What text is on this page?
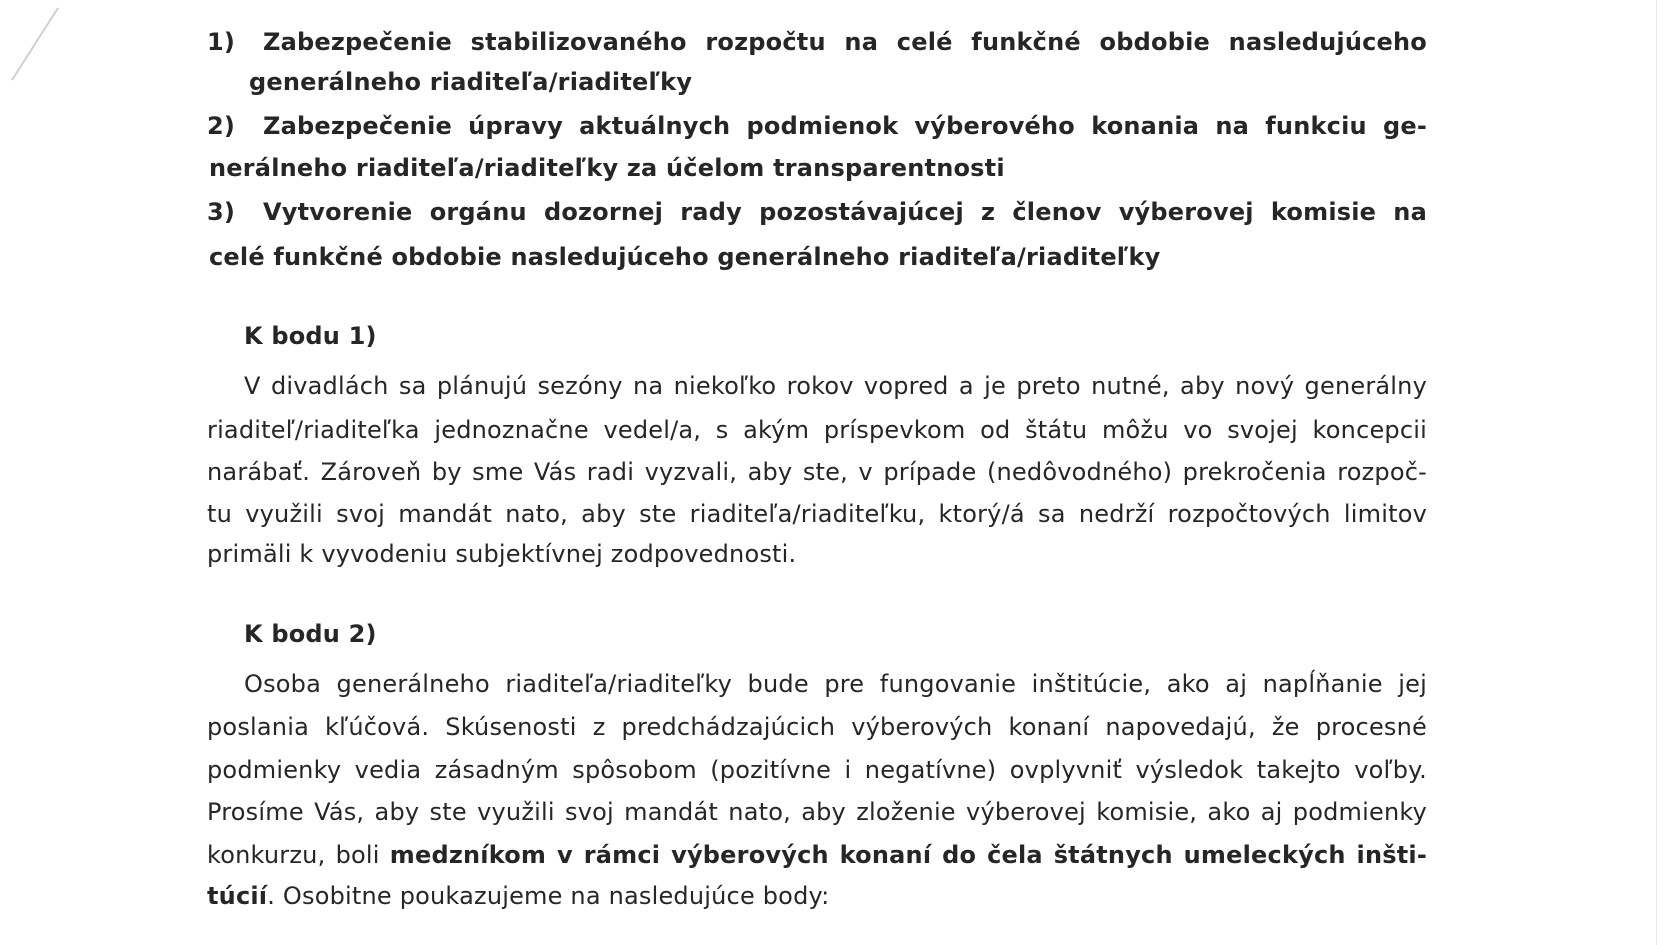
1) Zabezpečenie stabilizovaného rozpočtu na celé funkčné obdobie nasledujúceho

generálneho riaditeľa/riaditeľky

2) Zabezpečenie úpravy aktuálnych podmienok výberového konania na funkciu ge-

nerálneho riaditeľa/riaditeľky za účelom transparentnosti

3) Vytvorenie orgánu dozornej rady pozostávajúcej z členov výberovej komisie na

celé funkčné obdobie nasledujúceho generálneho riaditeľa/riaditeľky

K bodu 1)

V divadlách sa plánujú sezóny na niekoľko rokov vopred a je preto nutné, aby nový generálny

riaditeľ/riaditeľka jednoznačne vedel/a, s akým príspevkom od štátu môžu vo svojej koncepcii

narábať. Zároveň by sme Vás radi vyzvali, aby ste, v prípade (nedôvodného) prekročenia rozpoč-

tu využili svoj mandát nato, aby ste riaditeľa/riaditeľku, ktorý/á sa nedrží rozpočtových limitov

primäli k vyvodeniu subjektívnej zodpovednosti.

K bodu 2)

Osoba generálneho riaditeľa/riaditeľky bude pre fungovanie inštitúcie, ako aj napĺňanie jej

poslania kľúčová. Skúsenosti z predchádzajúcich výberových konaní napovedajú, že procesné

podmienky vedia zásadným spôsobom (pozitívne i negatívne) ovplyvniť výsledok takejto voľby.

Prosíme Vás, aby ste využili svoj mandát nato, aby zloženie výberovej komisie, ako aj podmienky

konkurzu, boli medzníkom v rámci výberových konaní do čela štátnych umeleckých inšti-

túcií. Osobitne poukazujeme na nasledujúce body:
